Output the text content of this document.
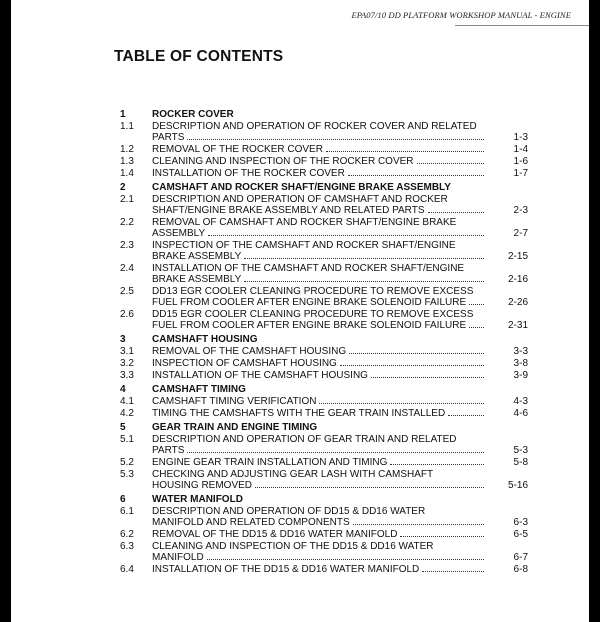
EPA07/10 DD PLATFORM WORKSHOP MANUAL - ENGINE
TABLE OF CONTENTS
1	ROCKER COVER
1.1	DESCRIPTION AND OPERATION OF ROCKER COVER AND RELATED
PARTS	1-3
1.2	REMOVAL OF THE ROCKER COVER	1-4
1.3	CLEANING AND INSPECTION OF THE ROCKER COVER	1-6
1.4	INSTALLATION OF THE ROCKER COVER	1-7
2	CAMSHAFT AND ROCKER SHAFT/ENGINE BRAKE ASSEMBLY
2.1	DESCRIPTION AND OPERATION OF CAMSHAFT AND ROCKER
SHAFT/ENGINE BRAKE ASSEMBLY AND RELATED PARTS	2-3
2.2	REMOVAL OF CAMSHAFT AND ROCKER SHAFT/ENGINE BRAKE
ASSEMBLY	2-7
2.3	INSPECTION OF THE CAMSHAFT AND ROCKER SHAFT/ENGINE
BRAKE ASSEMBLY	2-15
2.4	INSTALLATION OF THE CAMSHAFT AND ROCKER SHAFT/ENGINE
BRAKE ASSEMBLY	2-16
2.5	DD13 EGR COOLER CLEANING PROCEDURE TO REMOVE EXCESS
FUEL FROM COOLER AFTER ENGINE BRAKE SOLENOID FAILURE	2-26
2.6	DD15 EGR COOLER CLEANING PROCEDURE TO REMOVE EXCESS
FUEL FROM COOLER AFTER ENGINE BRAKE SOLENOID FAILURE	2-31
3	CAMSHAFT HOUSING
3.1	REMOVAL OF THE CAMSHAFT HOUSING	3-3
3.2	INSPECTION OF CAMSHAFT HOUSING	3-8
3.3	INSTALLATION OF THE CAMSHAFT HOUSING	3-9
4	CAMSHAFT TIMING
4.1	CAMSHAFT TIMING VERIFICATION	4-3
4.2	TIMING THE CAMSHAFTS WITH THE GEAR TRAIN INSTALLED	4-6
5	GEAR TRAIN AND ENGINE TIMING
5.1	DESCRIPTION AND OPERATION OF GEAR TRAIN AND RELATED
PARTS	5-3
5.2	ENGINE GEAR TRAIN INSTALLATION AND TIMING	5-8
5.3	CHECKING AND ADJUSTING GEAR LASH WITH CAMSHAFT
HOUSING REMOVED	5-16
6	WATER MANIFOLD
6.1	DESCRIPTION AND OPERATION OF DD15 & DD16 WATER
MANIFOLD AND RELATED COMPONENTS	6-3
6.2	REMOVAL OF THE DD15 & DD16 WATER MANIFOLD	6-5
6.3	CLEANING AND INSPECTION OF THE DD15 & DD16 WATER
MANIFOLD	6-7
6.4	INSTALLATION OF THE DD15 & DD16 WATER MANIFOLD	6-8
